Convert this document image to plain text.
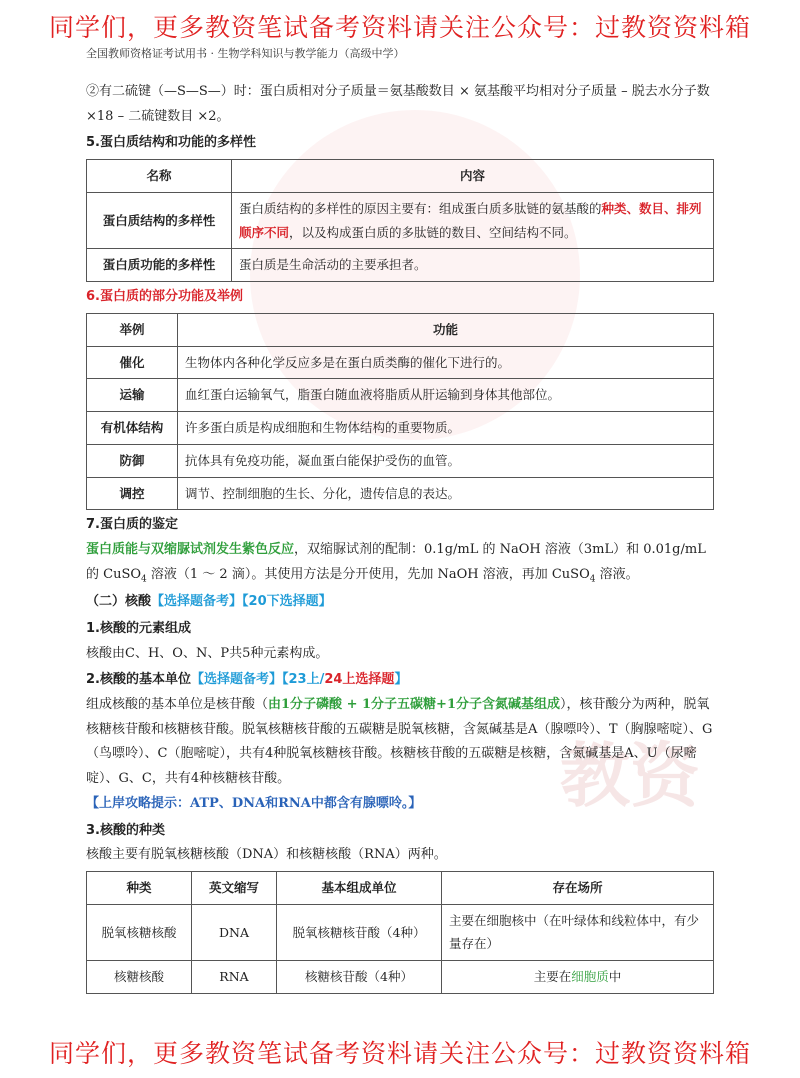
教资
同学们，更多教资笔试备考资料请关注公众号：过教资资料箱
全国教师资格证考试用书 · 生物学科知识与教学能力（高级中学）

②有二硫键（—S—S—）时：蛋白质相对分子质量＝氨基酸数目 × 氨基酸平均相对分子质量 – 脱去水分子数 ×18 – 二硫键数目 ×2。

5.蛋白质结构和功能的多样性

名称	内容
蛋白质结构的多样性	蛋白质结构的多样性的原因主要有：组成蛋白质多肽链的氨基酸的种类、数目、排列顺序不同，以及构成蛋白质的多肽链的数目、空间结构不同。
蛋白质功能的多样性	蛋白质是生命活动的主要承担者。

6.蛋白质的部分功能及举例

举例	功能
催化	生物体内各种化学反应多是在蛋白质类酶的催化下进行的。
运输	血红蛋白运输氧气，脂蛋白随血液将脂质从肝运输到身体其他部位。
有机体结构	许多蛋白质是构成细胞和生物体结构的重要物质。
防御	抗体具有免疫功能，凝血蛋白能保护受伤的血管。
调控	调节、控制细胞的生长、分化，遗传信息的表达。

7.蛋白质的鉴定

蛋白质能与双缩脲试剂发生紫色反应，双缩脲试剂的配制：0.1g/mL 的 NaOH 溶液（3mL）和 0.01g/mL 的 CuSO$_4$ 溶液（1 ～ 2 滴）。其使用方法是分开使用，先加 NaOH 溶液，再加 CuSO$_4$ 溶液。

（二）核酸【选择题备考】【20下选择题】

1.核酸的元素组成

核酸由C、H、O、N、P共5种元素构成。

2.核酸的基本单位【选择题备考】【23上/24上选择题】

组成核酸的基本单位是核苷酸（由1分子磷酸 + 1分子五碳糖+1分子含氮碱基组成），核苷酸分为两种，脱氧核糖核苷酸和核糖核苷酸。脱氧核糖核苷酸的五碳糖是脱氧核糖，含氮碱基是A（腺嘌呤）、T（胸腺嘧啶）、G（鸟嘌呤）、C（胞嘧啶），共有4种脱氧核糖核苷酸。核糖核苷酸的五碳糖是核糖，含氮碱基是A、U（尿嘧啶）、G、C，共有4种核糖核苷酸。

【上岸攻略提示：ATP、DNA和RNA中都含有腺嘌呤。】

3.核酸的种类

核酸主要有脱氧核糖核酸（DNA）和核糖核酸（RNA）两种。

种类	英文缩写	基本组成单位	存在场所
脱氧核糖核酸	DNA	脱氧核糖核苷酸（4种）	主要在细胞核中（在叶绿体和线粒体中，有少量存在）
核糖核酸	RNA	核糖核苷酸（4种）	主要在细胞质中
同学们，更多教资笔试备考资料请关注公众号：过教资资料箱
